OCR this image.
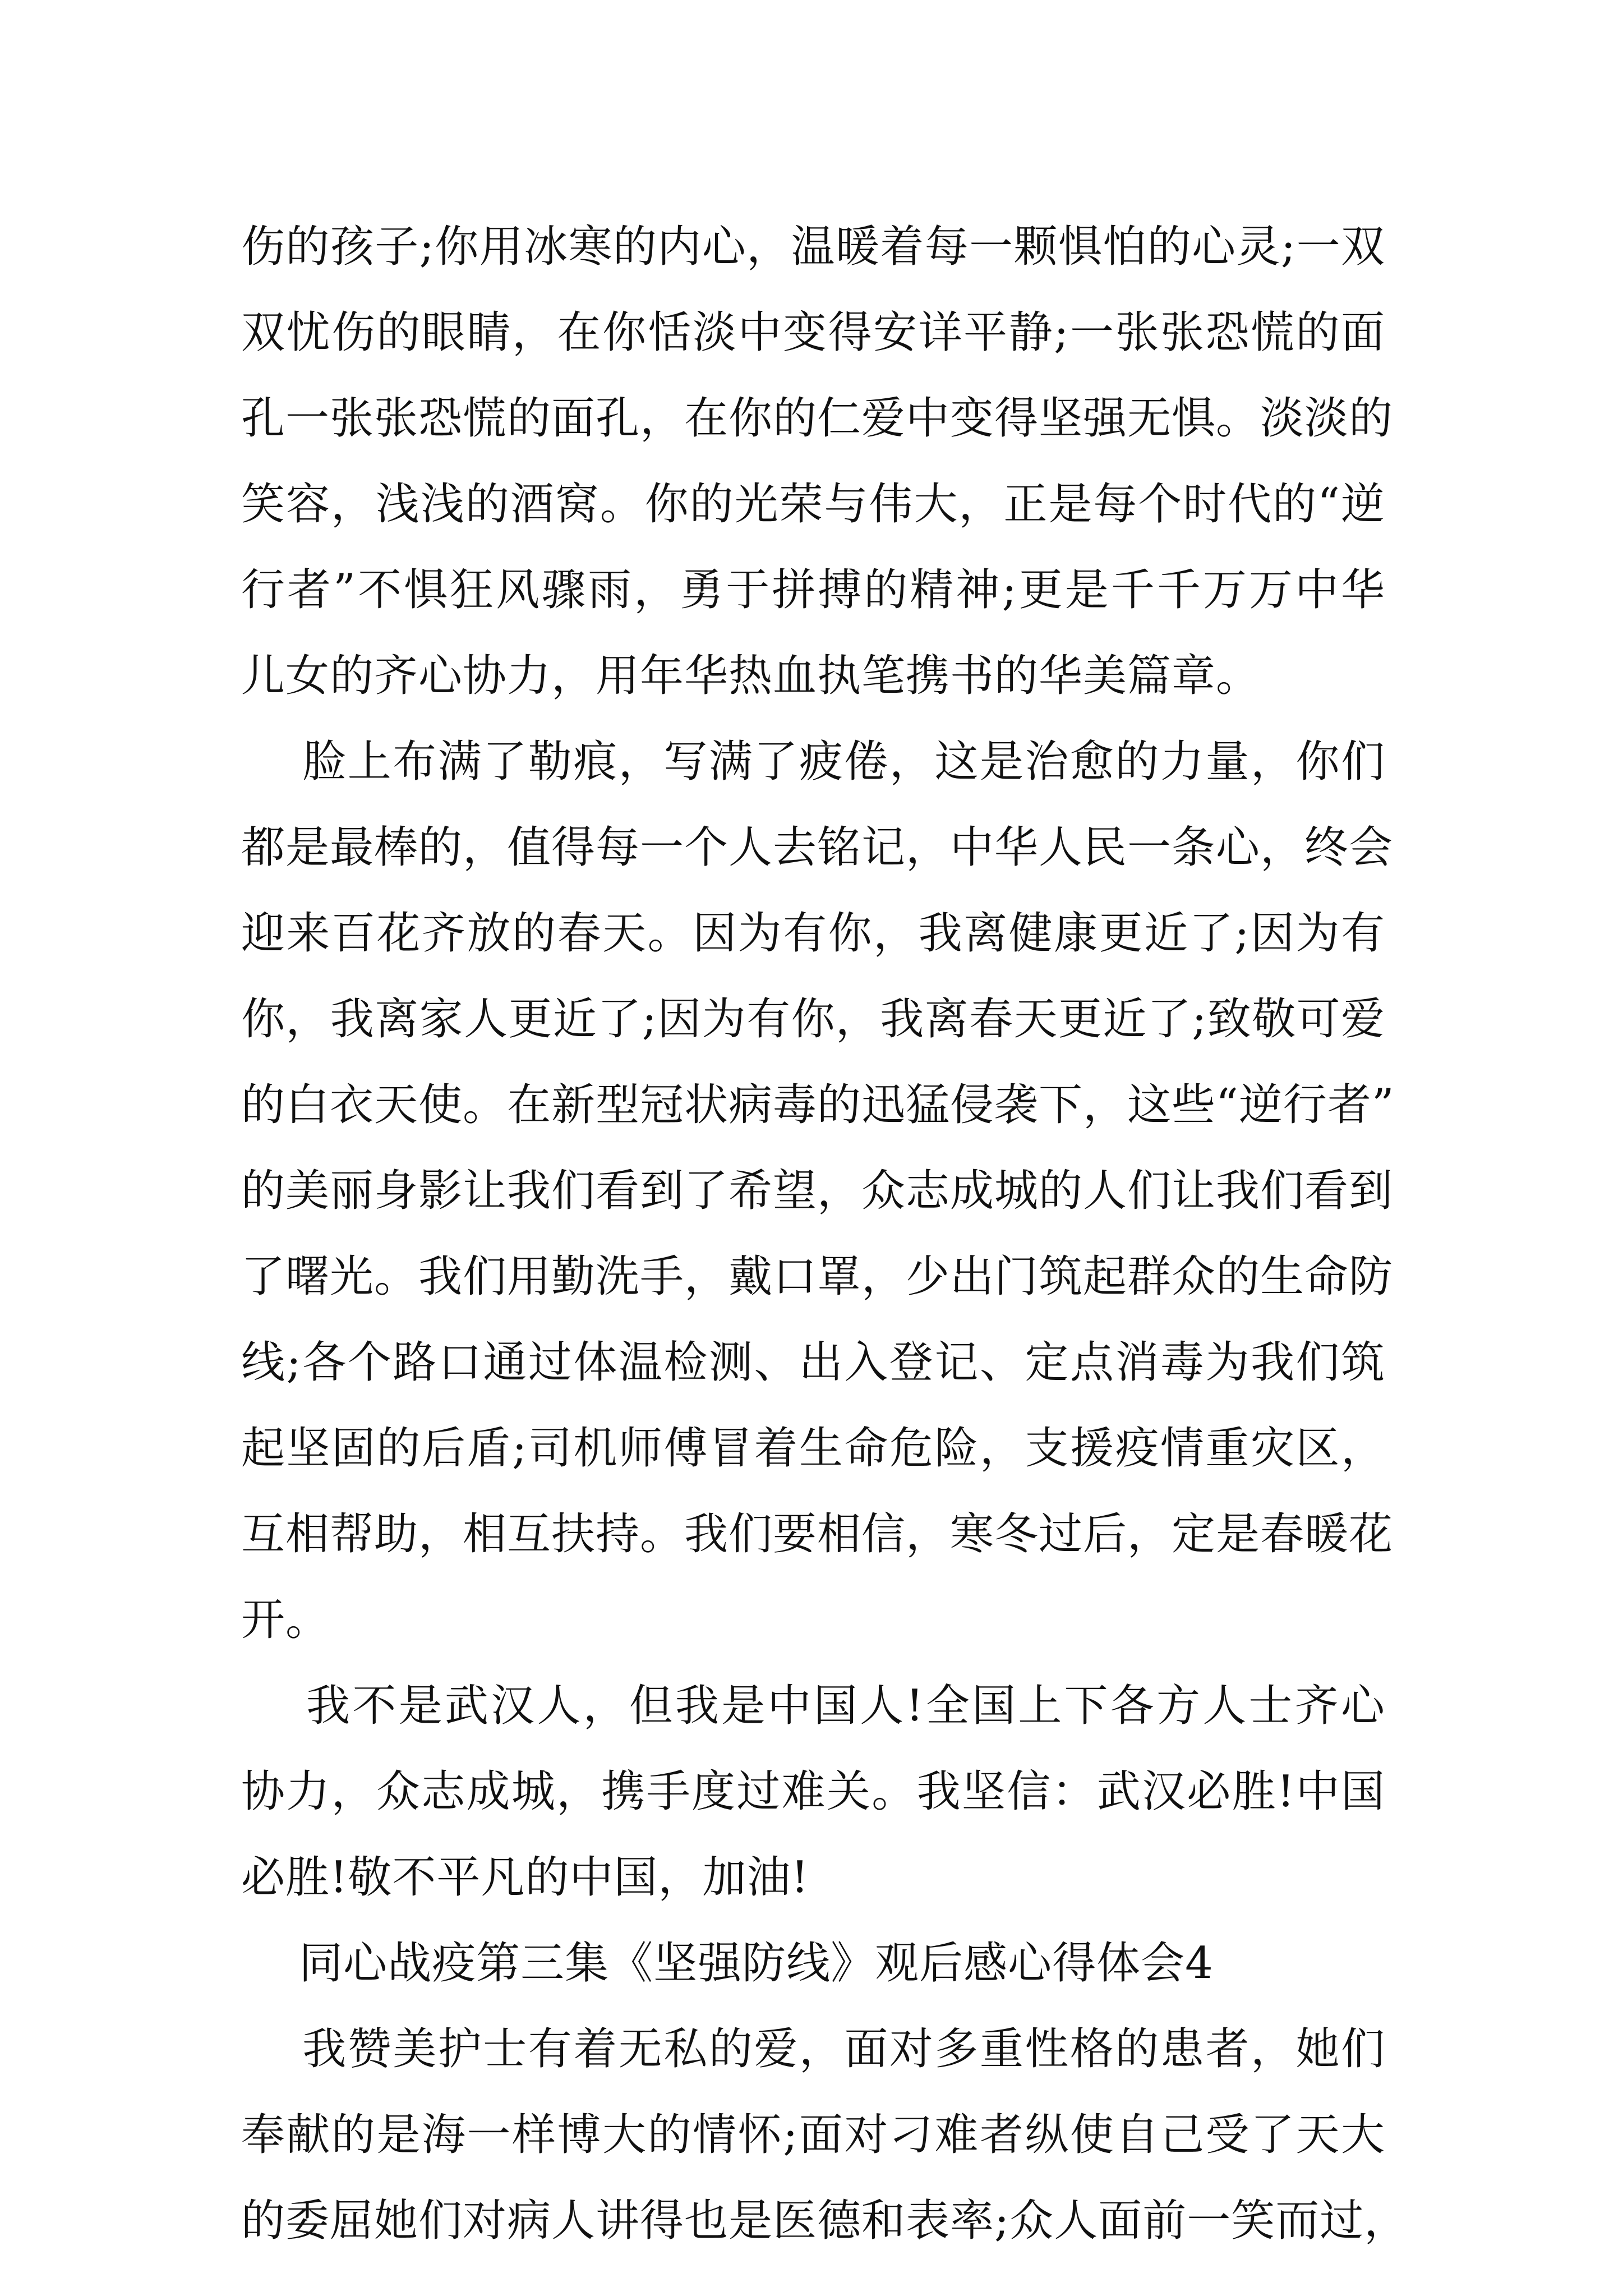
伤的孩子;你用冰寒的内心，温暖着每一颗惧怕的心灵;一双
双忧伤的眼睛，在你恬淡中变得安详平静;一张张恐慌的面
孔一张张恐慌的面孔，在你的仁爱中变得坚强无惧。淡淡的
笑容，浅浅的酒窝。你的光荣与伟大，正是每个时代的“逆
行者”不惧狂风骤雨，勇于拼搏的精神;更是千千万万中华
儿女的齐心协力，用年华热血执笔携书的华美篇章。
脸上布满了勒痕，写满了疲倦，这是治愈的力量，你们
都是最棒的，值得每一个人去铭记，中华人民一条心，终会
迎来百花齐放的春天。因为有你，我离健康更近了;因为有
你，我离家人更近了;因为有你，我离春天更近了;致敬可爱
的白衣天使。在新型冠状病毒的迅猛侵袭下，这些“逆行者”
的美丽身影让我们看到了希望，众志成城的人们让我们看到
了曙光。我们用勤洗手，戴口罩，少出门筑起群众的生命防
线;各个路口通过体温检测、出入登记、定点消毒为我们筑
起坚固的后盾;司机师傅冒着生命危险，支援疫情重灾区，
互相帮助，相互扶持。我们要相信，寒冬过后，定是春暖花
开。
我不是武汉人，但我是中国人!全国上下各方人士齐心
协力，众志成城，携手度过难关。我坚信：武汉必胜!中国
必胜!敬不平凡的中国，加油!
同心战疫第三集《坚强防线》观后感心得体会4
我赞美护士有着无私的爱，面对多重性格的患者，她们
奉献的是海一样博大的情怀;面对刁难者纵使自己受了天大
的委屈她们对病人讲得也是医德和表率;众人面前一笑而过，
